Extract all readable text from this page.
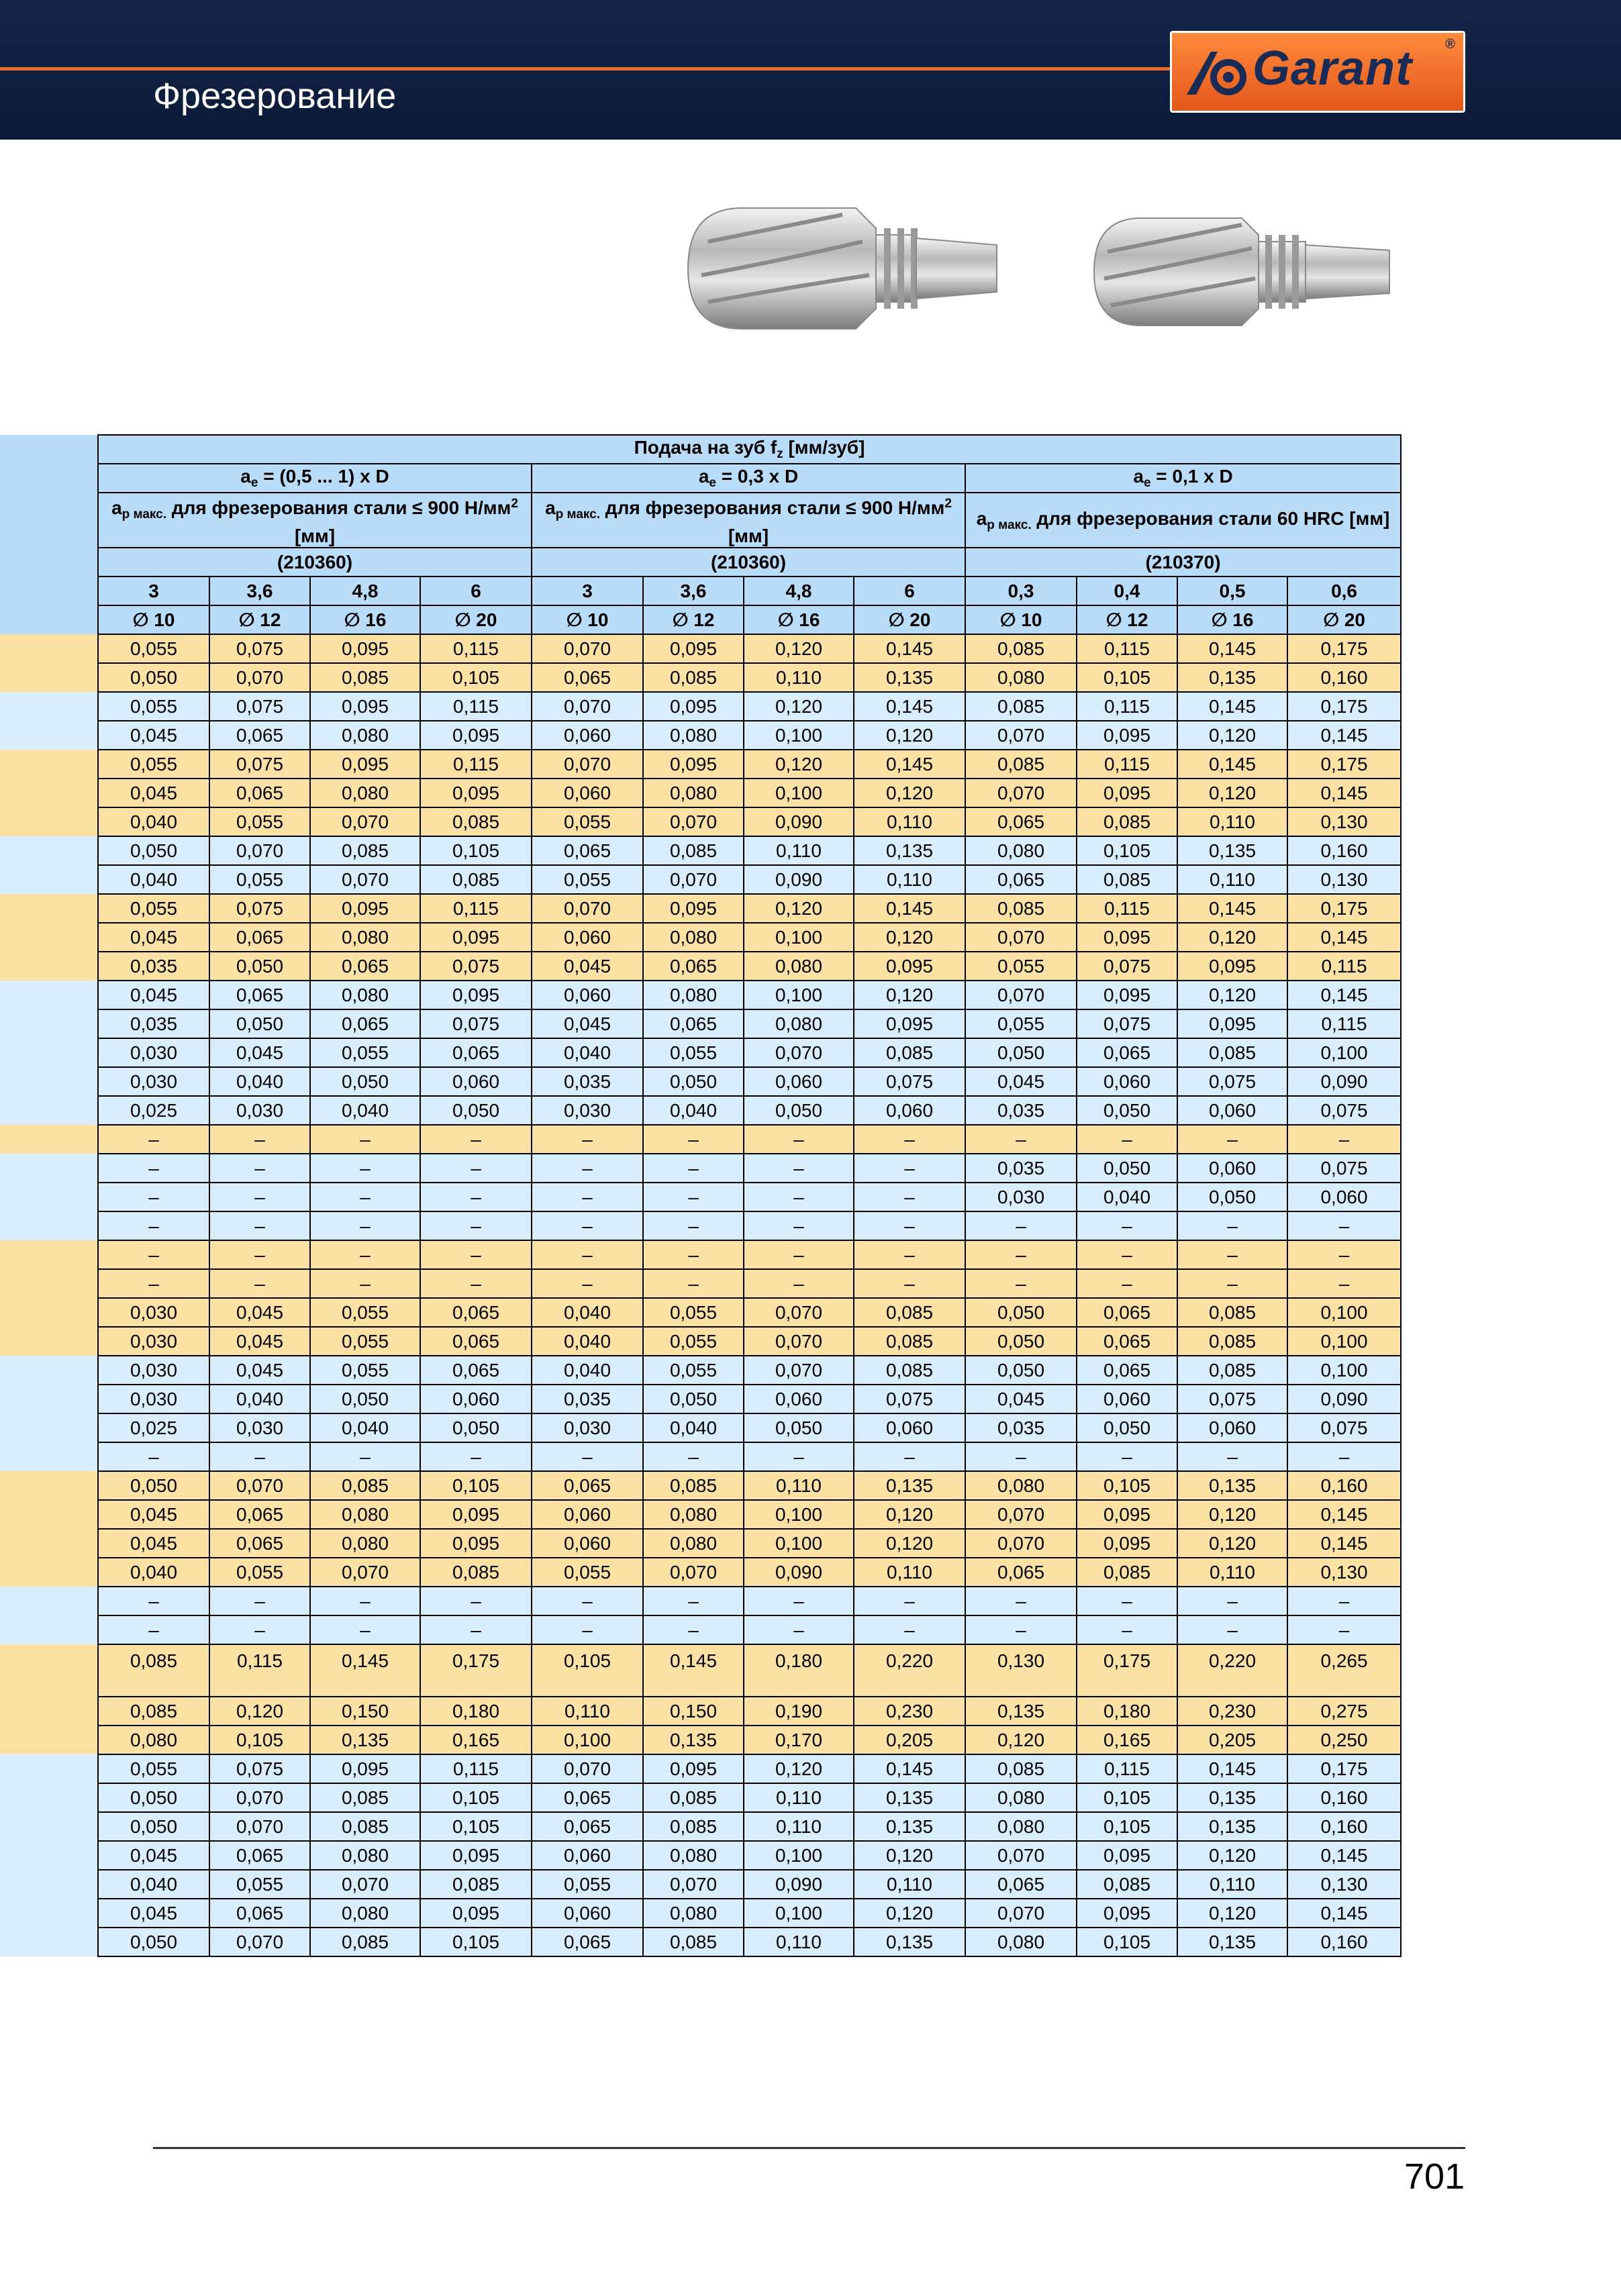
Фрезерование
Garant ®
	Подача на зуб $f_z$ [мм/зуб]											
	$a_e = (0,5$ ... 1) x D				$a_e = 0,3$ x D				$a_e = 0,1$ x D			
	$a_{p макс.}$ для фрезерования стали ≤ 900 $Н/мм^2$ [мм]				$a_{p макс.}$ для фрезерования стали ≤ 900 $Н/мм^2$ [мм]				$a_{p макс.}$ для фрезерования стали 60 HRC [мм]			
	(210360)				(210360)				(210370)			
	3	3,6	4,8	6	3	3,6	4,8	6	0,3	0,4	0,5	0,6
	∅ 10	∅ 12	∅ 16	∅ 20	∅ 10	∅ 12	∅ 16	∅ 20	∅ 10	∅ 12	∅ 16	∅ 20
	0,055	0,075	0,095	0,115	0,070	0,095	0,120	0,145	0,085	0,115	0,145	0,175
	0,050	0,070	0,085	0,105	0,065	0,085	0,110	0,135	0,080	0,105	0,135	0,160
	0,055	0,075	0,095	0,115	0,070	0,095	0,120	0,145	0,085	0,115	0,145	0,175
	0,045	0,065	0,080	0,095	0,060	0,080	0,100	0,120	0,070	0,095	0,120	0,145
	0,055	0,075	0,095	0,115	0,070	0,095	0,120	0,145	0,085	0,115	0,145	0,175
	0,045	0,065	0,080	0,095	0,060	0,080	0,100	0,120	0,070	0,095	0,120	0,145
	0,040	0,055	0,070	0,085	0,055	0,070	0,090	0,110	0,065	0,085	0,110	0,130
	0,050	0,070	0,085	0,105	0,065	0,085	0,110	0,135	0,080	0,105	0,135	0,160
	0,040	0,055	0,070	0,085	0,055	0,070	0,090	0,110	0,065	0,085	0,110	0,130
	0,055	0,075	0,095	0,115	0,070	0,095	0,120	0,145	0,085	0,115	0,145	0,175
	0,045	0,065	0,080	0,095	0,060	0,080	0,100	0,120	0,070	0,095	0,120	0,145
	0,035	0,050	0,065	0,075	0,045	0,065	0,080	0,095	0,055	0,075	0,095	0,115
	0,045	0,065	0,080	0,095	0,060	0,080	0,100	0,120	0,070	0,095	0,120	0,145
	0,035	0,050	0,065	0,075	0,045	0,065	0,080	0,095	0,055	0,075	0,095	0,115
	0,030	0,045	0,055	0,065	0,040	0,055	0,070	0,085	0,050	0,065	0,085	0,100
	0,030	0,040	0,050	0,060	0,035	0,050	0,060	0,075	0,045	0,060	0,075	0,090
	0,025	0,030	0,040	0,050	0,030	0,040	0,050	0,060	0,035	0,050	0,060	0,075
	–	–	–	–	–	–	–	–	–	–	–	–
	–	–	–	–	–	–	–	–	0,035	0,050	0,060	0,075
	–	–	–	–	–	–	–	–	0,030	0,040	0,050	0,060
	–	–	–	–	–	–	–	–	–	–	–	–
	–	–	–	–	–	–	–	–	–	–	–	–
	–	–	–	–	–	–	–	–	–	–	–	–
	0,030	0,045	0,055	0,065	0,040	0,055	0,070	0,085	0,050	0,065	0,085	0,100
	0,030	0,045	0,055	0,065	0,040	0,055	0,070	0,085	0,050	0,065	0,085	0,100
	0,030	0,045	0,055	0,065	0,040	0,055	0,070	0,085	0,050	0,065	0,085	0,100
	0,030	0,040	0,050	0,060	0,035	0,050	0,060	0,075	0,045	0,060	0,075	0,090
	0,025	0,030	0,040	0,050	0,030	0,040	0,050	0,060	0,035	0,050	0,060	0,075
	–	–	–	–	–	–	–	–	–	–	–	–
	0,050	0,070	0,085	0,105	0,065	0,085	0,110	0,135	0,080	0,105	0,135	0,160
	0,045	0,065	0,080	0,095	0,060	0,080	0,100	0,120	0,070	0,095	0,120	0,145
	0,045	0,065	0,080	0,095	0,060	0,080	0,100	0,120	0,070	0,095	0,120	0,145
	0,040	0,055	0,070	0,085	0,055	0,070	0,090	0,110	0,065	0,085	0,110	0,130
	–	–	–	–	–	–	–	–	–	–	–	–
	–	–	–	–	–	–	–	–	–	–	–	–
	0,085	0,115	0,145	0,175	0,105	0,145	0,180	0,220	0,130	0,175	0,220	0,265
	0,085	0,120	0,150	0,180	0,110	0,150	0,190	0,230	0,135	0,180	0,230	0,275
	0,080	0,105	0,135	0,165	0,100	0,135	0,170	0,205	0,120	0,165	0,205	0,250
	0,055	0,075	0,095	0,115	0,070	0,095	0,120	0,145	0,085	0,115	0,145	0,175
	0,050	0,070	0,085	0,105	0,065	0,085	0,110	0,135	0,080	0,105	0,135	0,160
	0,050	0,070	0,085	0,105	0,065	0,085	0,110	0,135	0,080	0,105	0,135	0,160
	0,045	0,065	0,080	0,095	0,060	0,080	0,100	0,120	0,070	0,095	0,120	0,145
	0,040	0,055	0,070	0,085	0,055	0,070	0,090	0,110	0,065	0,085	0,110	0,130
	0,045	0,065	0,080	0,095	0,060	0,080	0,100	0,120	0,070	0,095	0,120	0,145
	0,050	0,070	0,085	0,105	0,065	0,085	0,110	0,135	0,080	0,105	0,135	0,160
701
